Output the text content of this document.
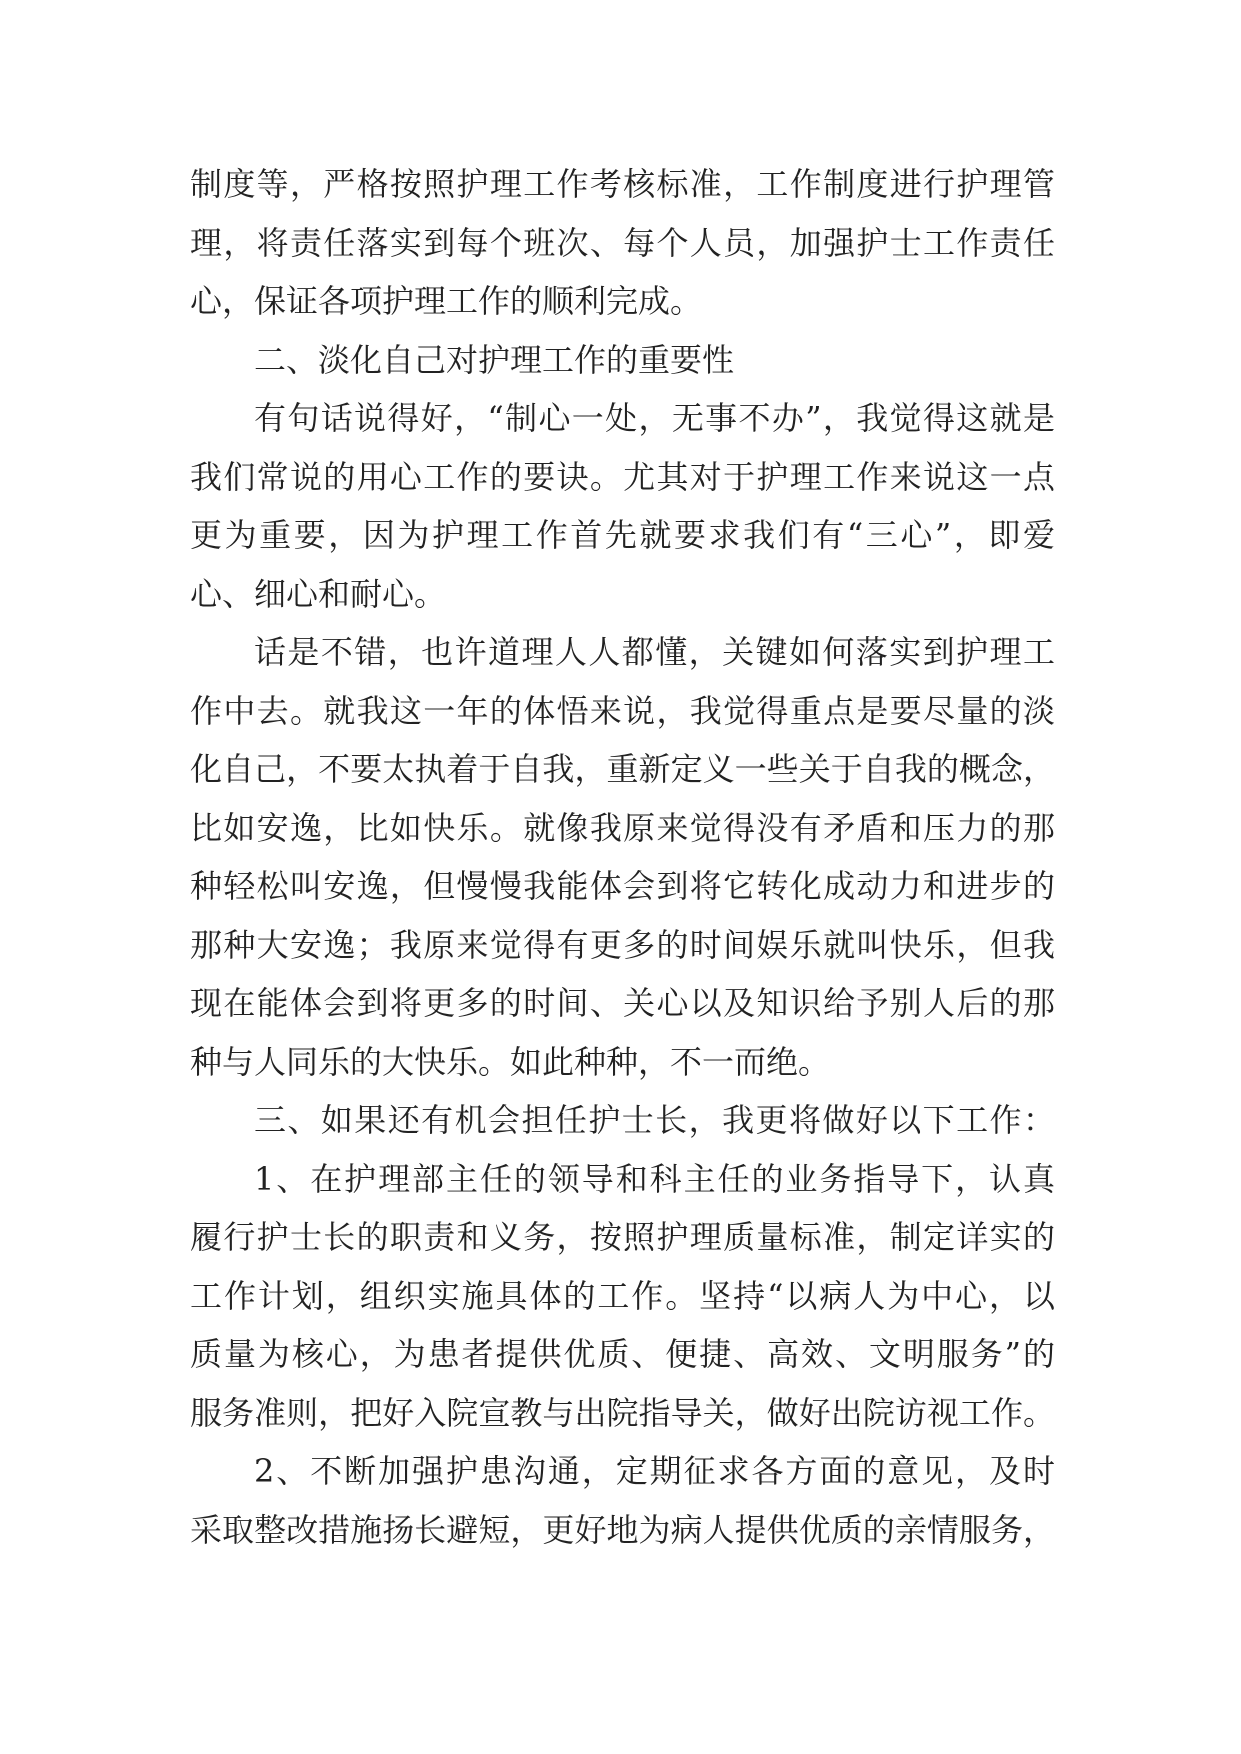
制度等，严格按照护理工作考核标准，工作制度进行护理管
理，将责任落实到每个班次、每个人员，加强护士工作责任
心，保证各项护理工作的顺利完成。
二、淡化自己对护理工作的重要性
有句话说得好，“制心一处，无事不办”，我觉得这就是
我们常说的用心工作的要诀。尤其对于护理工作来说这一点
更为重要，因为护理工作首先就要求我们有“三心”，即爱
心、细心和耐心。
话是不错，也许道理人人都懂，关键如何落实到护理工
作中去。就我这一年的体悟来说，我觉得重点是要尽量的淡
化自己，不要太执着于自我，重新定义一些关于自我的概念，
比如安逸，比如快乐。就像我原来觉得没有矛盾和压力的那
种轻松叫安逸，但慢慢我能体会到将它转化成动力和进步的
那种大安逸；我原来觉得有更多的时间娱乐就叫快乐，但我
现在能体会到将更多的时间、关心以及知识给予别人后的那
种与人同乐的大快乐。如此种种，不一而绝。
三、如果还有机会担任护士长，我更将做好以下工作：
1、在护理部主任的领导和科主任的业务指导下，认真
履行护士长的职责和义务，按照护理质量标准，制定详实的
工作计划，组织实施具体的工作。坚持“以病人为中心，以
质量为核心，为患者提供优质、便捷、高效、文明服务”的
服务准则，把好入院宣教与出院指导关，做好出院访视工作。
2、不断加强护患沟通，定期征求各方面的意见，及时
采取整改措施扬长避短，更好地为病人提供优质的亲情服务，
